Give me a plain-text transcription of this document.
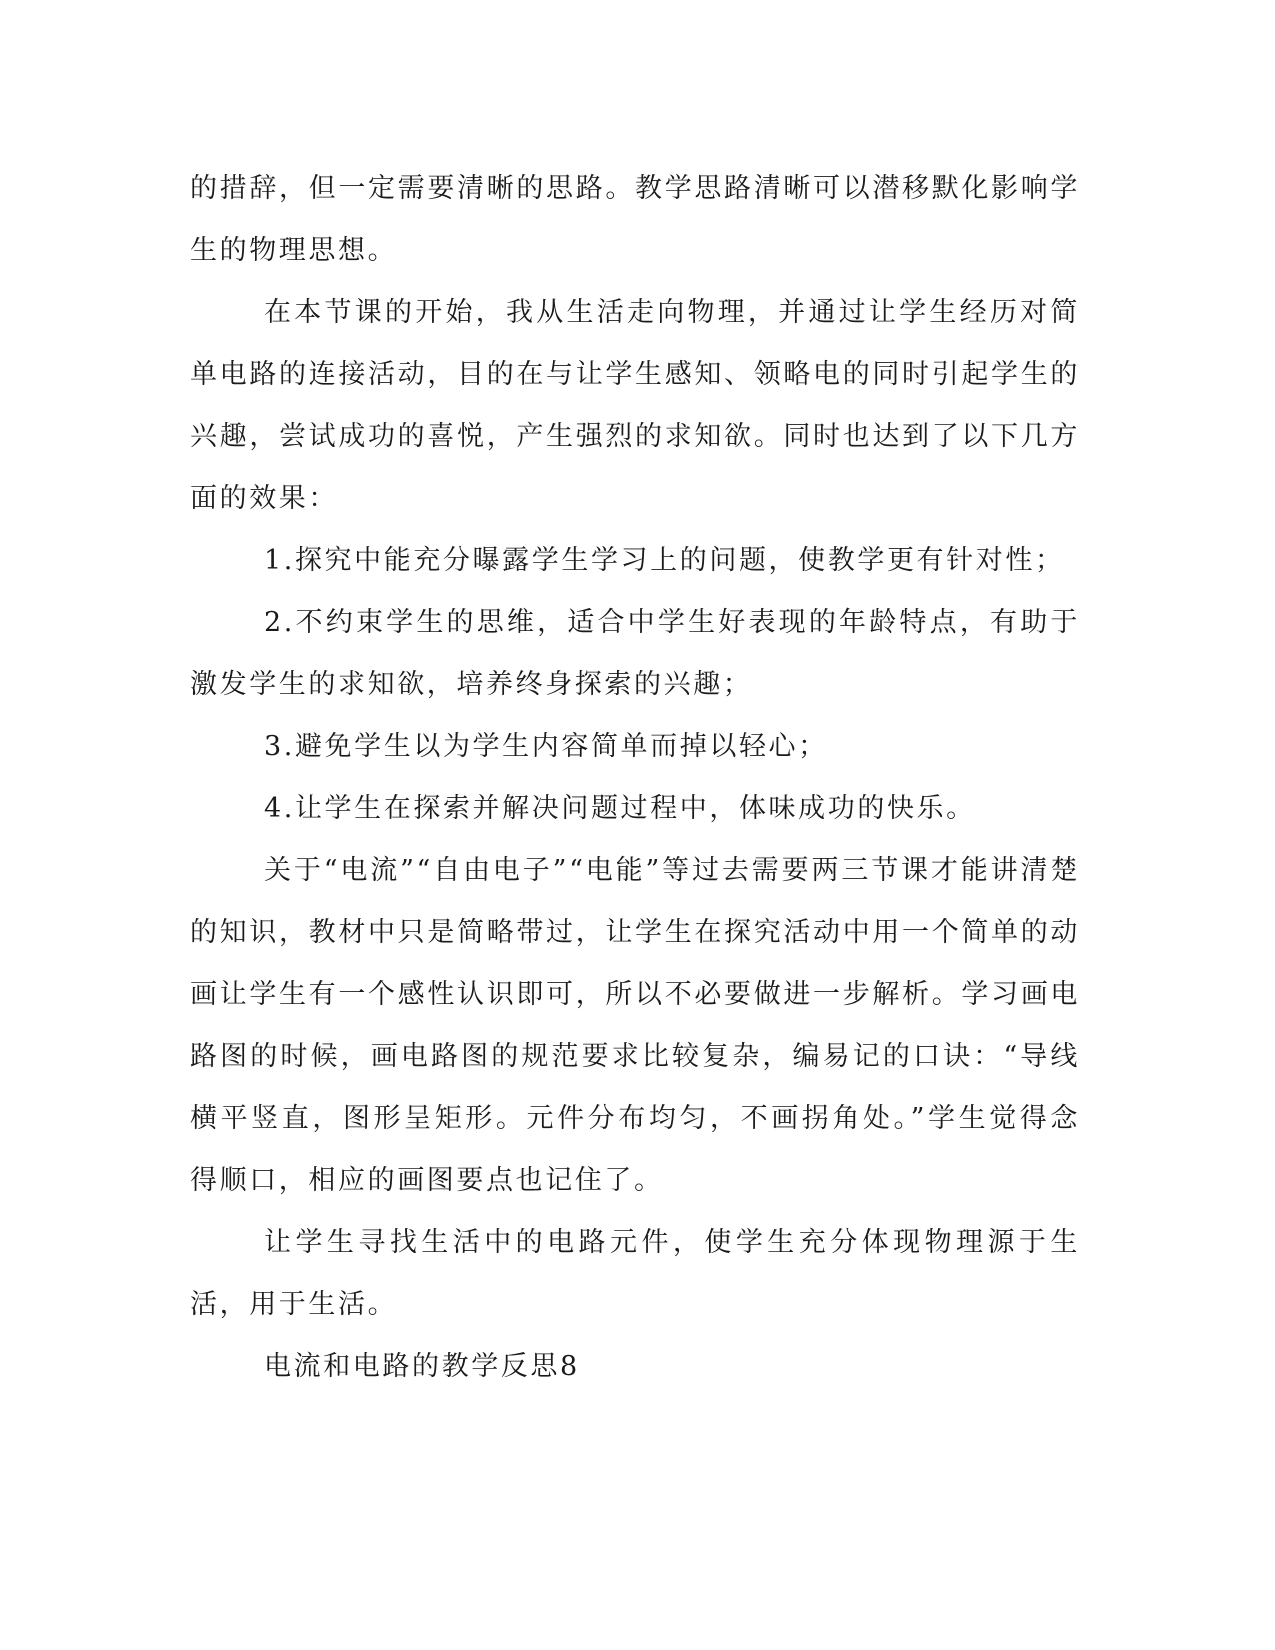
的措辞，但一定需要清晰的思路。教学思路清晰可以潜移默化影响学生的物理思想。

在本节课的开始，我从生活走向物理，并通过让学生经历对简单电路的连接活动，目的在与让学生感知、领略电的同时引起学生的兴趣，尝试成功的喜悦，产生强烈的求知欲。同时也达到了以下几方面的效果：

1.探究中能充分曝露学生学习上的问题，使教学更有针对性；

2.不约束学生的思维，适合中学生好表现的年龄特点，有助于激发学生的求知欲，培养终身探索的兴趣；

3.避免学生以为学生内容简单而掉以轻心；

4.让学生在探索并解决问题过程中，体味成功的快乐。

关于“电流”“自由电子”“电能”等过去需要两三节课才能讲清楚的知识，教材中只是简略带过，让学生在探究活动中用一个简单的动画让学生有一个感性认识即可，所以不必要做进一步解析。学习画电路图的时候，画电路图的规范要求比较复杂，编易记的口诀：“导线横平竖直，图形呈矩形。元件分布均匀，不画拐角处。”学生觉得念得顺口，相应的画图要点也记住了。

让学生寻找生活中的电路元件，使学生充分体现物理源于生活，用于生活。

电流和电路的教学反思8
